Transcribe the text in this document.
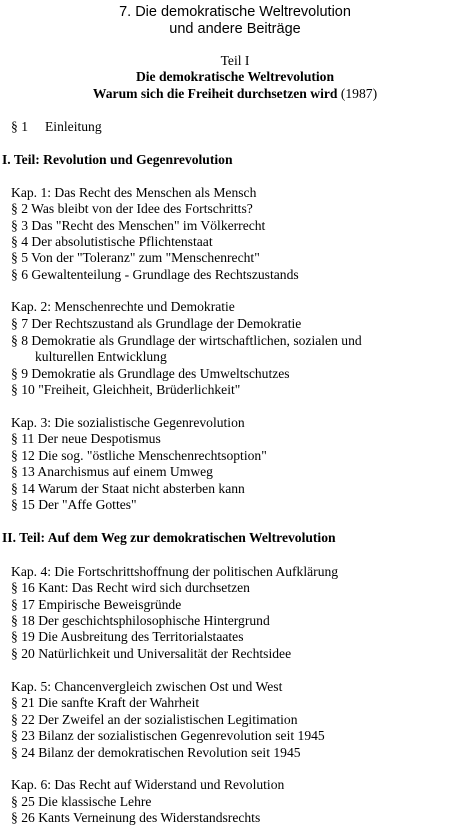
7. Die demokratische Weltrevolution
und andere Beiträge
Teil I
Die demokratische Weltrevolution
Warum sich die Freiheit durchsetzen wird (1987)
§ 1 Einleitung
I. Teil: Revolution und Gegenrevolution
Kap. 1: Das Recht des Menschen als Mensch
§ 2 Was bleibt von der Idee des Fortschritts?
§ 3 Das "Recht des Menschen" im Völkerrecht
§ 4 Der absolutistische Pflichtenstaat
§ 5 Von der "Toleranz" zum "Menschenrecht"
§ 6 Gewaltenteilung - Grundlage des Rechtszustands
Kap. 2: Menschenrechte und Demokratie
§ 7 Der Rechtszustand als Grundlage der Demokratie
§ 8 Demokratie als Grundlage der wirtschaftlichen, sozialen und
kulturellen Entwicklung
§ 9 Demokratie als Grundlage des Umweltschutzes
§ 10 "Freiheit, Gleichheit, Brüderlichkeit"
Kap. 3: Die sozialistische Gegenrevolution
§ 11 Der neue Despotismus
§ 12 Die sog. "östliche Menschenrechtsoption"
§ 13 Anarchismus auf einem Umweg
§ 14 Warum der Staat nicht absterben kann
§ 15 Der "Affe Gottes"
II. Teil: Auf dem Weg zur demokratischen Weltrevolution
Kap. 4: Die Fortschrittshoffnung der politischen Aufklärung
§ 16 Kant: Das Recht wird sich durchsetzen
§ 17 Empirische Beweisgründe
§ 18 Der geschichtsphilosophische Hintergrund
§ 19 Die Ausbreitung des Territorialstaates
§ 20 Natürlichkeit und Universalität der Rechtsidee
Kap. 5: Chancenvergleich zwischen Ost und West
§ 21 Die sanfte Kraft der Wahrheit
§ 22 Der Zweifel an der sozialistischen Legitimation
§ 23 Bilanz der sozialistischen Gegenrevolution seit 1945
§ 24 Bilanz der demokratischen Revolution seit 1945
Kap. 6: Das Recht auf Widerstand und Revolution
§ 25 Die klassische Lehre
§ 26 Kants Verneinung des Widerstandsrechts
